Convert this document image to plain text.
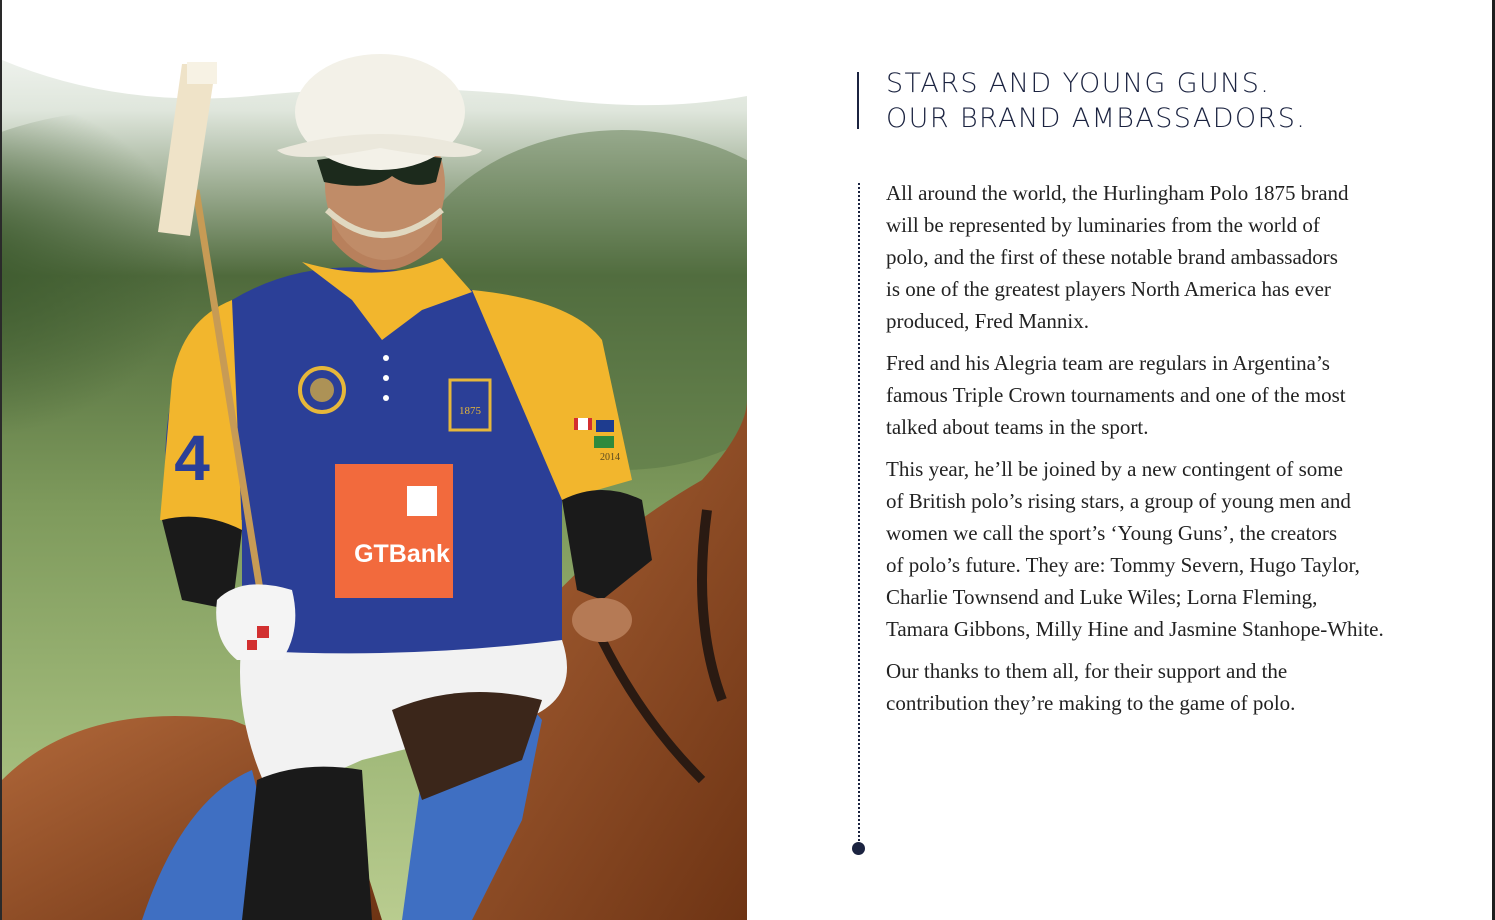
GTBank
1875
4	2014
STARS AND YOUNG GUNS.
OUR BRAND AMBASSADORS.

All around the world, the Hurlingham Polo 1875 brand
will be represented by luminaries from the world of
polo, and the first of these notable brand ambassadors
is one of the greatest players North America has ever
produced, Fred Mannix.

Fred and his Alegria team are regulars in Argentina’s
famous Triple Crown tournaments and one of the most
talked about teams in the sport.

This year, he’ll be joined by a new contingent of some
of British polo’s rising stars, a group of young men and
women we call the sport’s ‘Young Guns’, the creators
of polo’s future. They are: Tommy Severn, Hugo Taylor,
Charlie Townsend and Luke Wiles; Lorna Fleming,
Tamara Gibbons, Milly Hine and Jasmine Stanhope-White.

Our thanks to them all, for their support and the
contribution they’re making to the game of polo.
